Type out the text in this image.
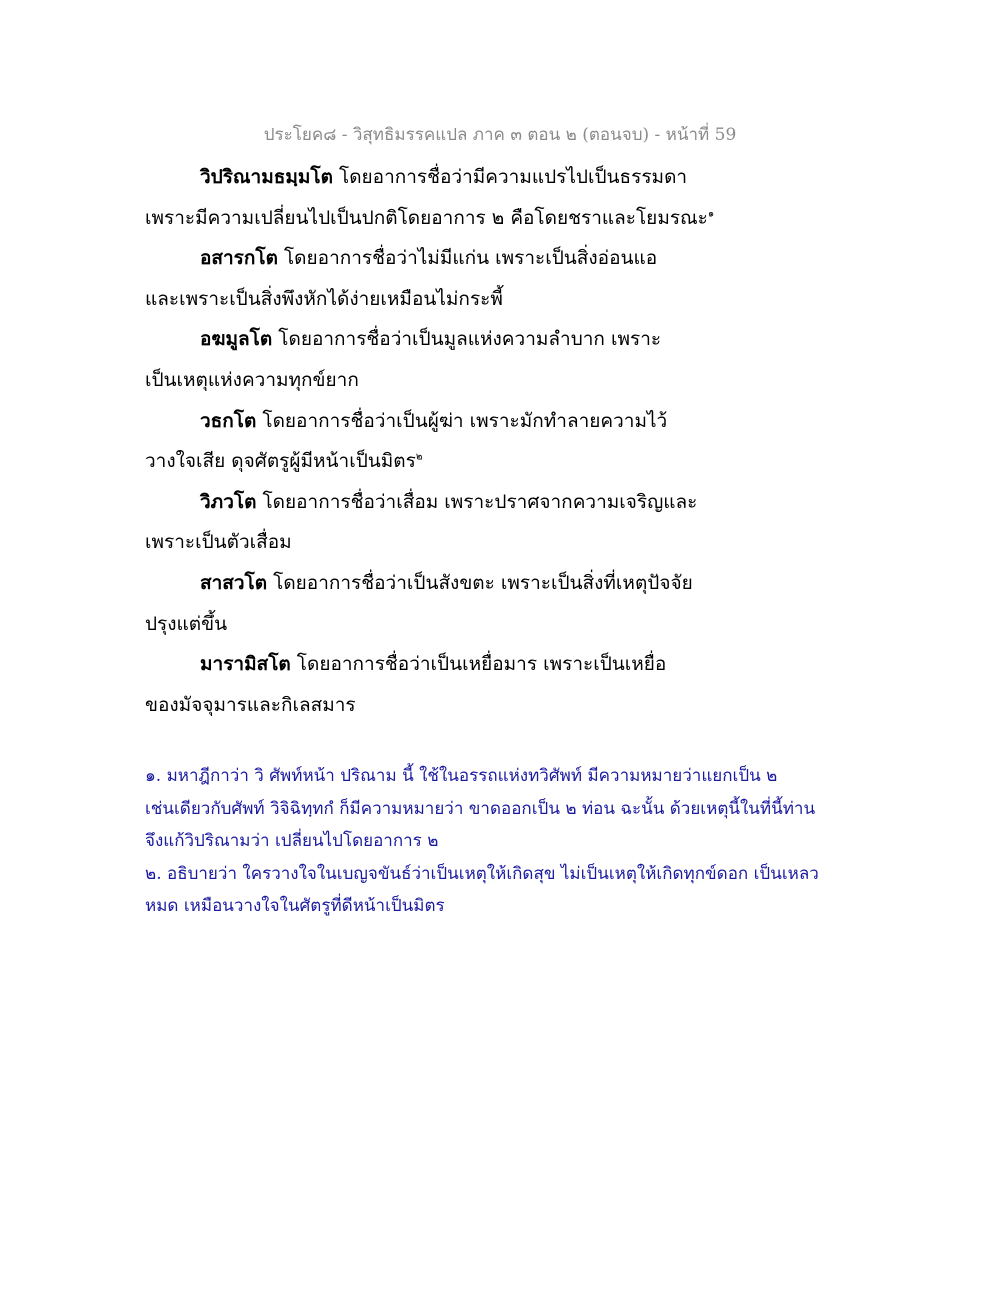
ประโยค๘ - วิสุทธิมรรคแปล ภาค ๓ ตอน ๒ (ตอนจบ) - หน้าที่ 59
วิปริณามธมฺมโต โดยอาการชื่อว่ามีความแปรไปเป็นธรรมดา
เพราะมีความเปลี่ยนไปเป็นปกติโดยอาการ ๒ คือโดยชราและโยมรณะ$^๑$
อสารกโต โดยอาการชื่อว่าไม่มีแก่น เพราะเป็นสิ่งอ่อนแอ
และเพราะเป็นสิ่งพึงหักได้ง่ายเหมือนไม่กระพี้
อฆมูลโต โดยอาการชื่อว่าเป็นมูลแห่งความลำบาก เพราะ
เป็นเหตุแห่งความทุกข์ยาก
วธกโต โดยอาการชื่อว่าเป็นผู้ฆ่า เพราะมักทำลายความไว้
วางใจเสีย ดุจศัตรูผู้มีหน้าเป็นมิตร$^๒$
วิภวโต โดยอาการชื่อว่าเสื่อม เพราะปราศจากความเจริญและ
เพราะเป็นตัวเสื่อม
สาสวโต โดยอาการชื่อว่าเป็นสังขตะ เพราะเป็นสิ่งที่เหตุปัจจัย
ปรุงแต่ขึ้น
มารามิสโต โดยอาการชื่อว่าเป็นเหยื่อมาร เพราะเป็นเหยื่อ
ของมัจจุมารและกิเลสมาร
๑. มหาฎีกาว่า วิ ศัพท์หน้า ปริณาม นี้ ใช้ในอรรถแห่งทวิศัพท์ มีความหมายว่าแยกเป็น ๒
เช่นเดียวกับศัพท์ วิจิฉิทฺทกํ ก็มีความหมายว่า ขาดออกเป็น ๒ ท่อน ฉะนั้น ด้วยเหตุนี้ในที่นี้ท่าน
จึงแก้วิปริณามว่า เปลี่ยนไปโดยอาการ ๒
๒. อธิบายว่า ใครวางใจในเบญจขันธ์ว่าเป็นเหตุให้เกิดสุข ไม่เป็นเหตุให้เกิดทุกข์ดอก เป็นเหลว
หมด เหมือนวางใจในศัตรูที่ดีหน้าเป็นมิตร
